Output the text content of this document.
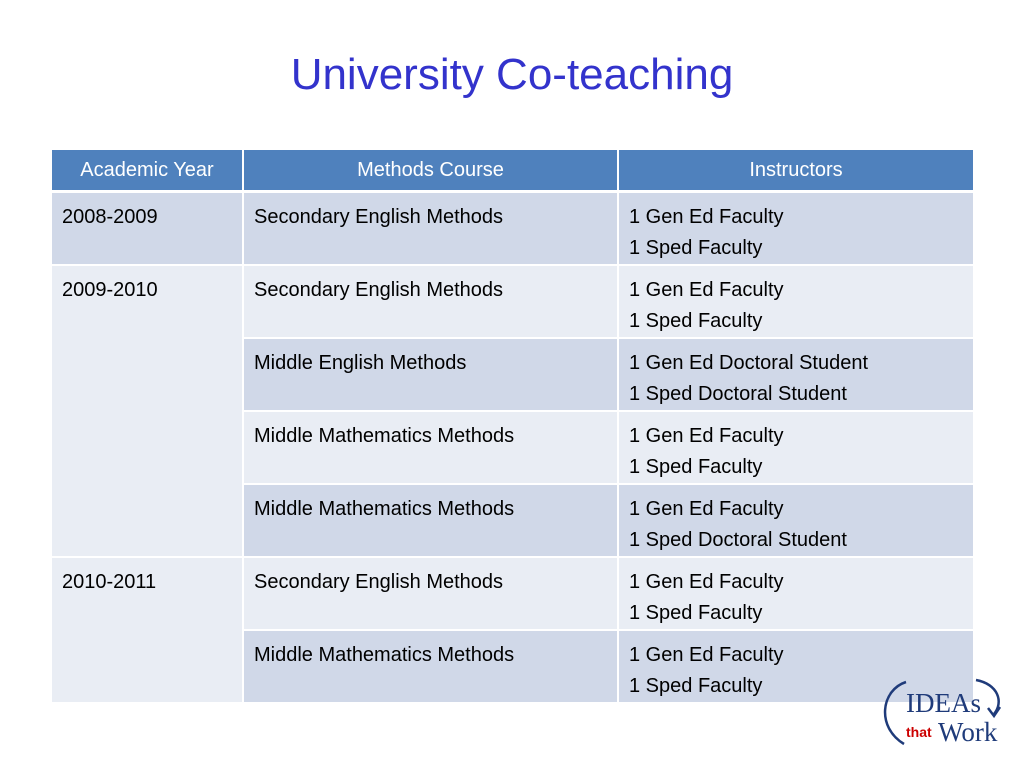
University Co-teaching
Academic Year	Methods Course	Instructors
2008-2009	Secondary English Methods	1 Gen Ed Faculty
1 Sped Faculty

2009-2010	Secondary English Methods	1 Gen Ed Faculty
1 Sped Faculty

	Middle English Methods	1 Gen Ed Doctoral Student
1 Sped Doctoral Student

	Middle Mathematics Methods	1 Gen Ed Faculty
1 Sped Faculty

	Middle Mathematics Methods	1 Gen Ed Faculty
1 Sped Doctoral Student

2010-2011	Secondary English Methods	1 Gen Ed Faculty
1 Sped Faculty

	Middle Mathematics Methods	1 Gen Ed Faculty
1 Sped Faculty
IDEAs
that Work
